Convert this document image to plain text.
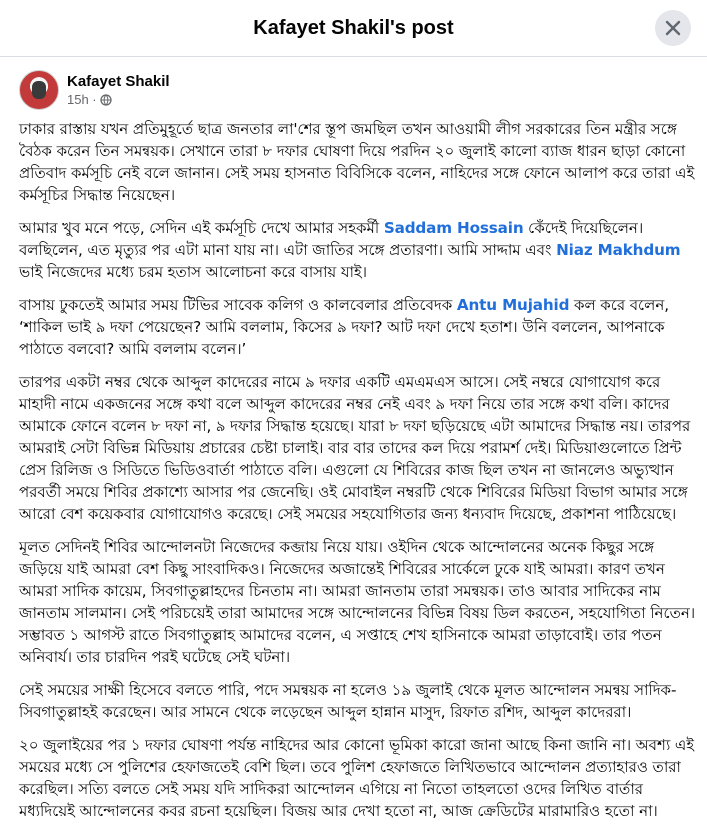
Kafayet Shakil's post
Kafayet Shakil
15h ·

ঢাকার রাস্তায় যখন প্রতিমুহূর্তে ছাত্র জনতার লা'শের স্তূপ জমছিল তখন আওয়ামী লীগ সরকারের তিন মন্ত্রীর সঙ্গে বৈঠক করেন তিন সমন্বয়ক। সেখানে তারা ৮ দফার ঘোষণা দিয়ে পরদিন ২০ জুলাই কালো ব্যাজ ধারন ছাড়া কোনো প্রতিবাদ কর্মসূচি নেই বলে জানান। সেই সময় হাসনাত বিবিসিকে বলেন, নাহিদের সঙ্গে ফোনে আলাপ করে তারা এই কর্মসূচির সিদ্ধান্ত নিয়েছেন।

আমার খুব মনে পড়ে, সেদিন এই কর্মসূচি দেখে আমার সহকর্মী Saddam Hossain কেঁদেই দিয়েছিলেন। বলছিলেন, এত মৃত্যুর পর এটা মানা যায় না। এটা জাতির সঙ্গে প্রতারণা। আমি সাদ্দাম এবং Niaz Makhdum ভাই নিজেদের মধ্যে চরম হতাস আলোচনা করে বাসায় যাই।

বাসায় ঢুকতেই আমার সময় টিভির সাবেক কলিগ ও কালবেলার প্রতিবেদক Antu Mujahid কল করে বলেন, ‘শাকিল ভাই ৯ দফা পেয়েছেন? আমি বললাম, কিসের ৯ দফা? আট দফা দেখে হতাশ। উনি বললেন, আপনাকে পাঠাতে বলবো? আমি বললাম বলেন।’

তারপর একটা নম্বর থেকে আব্দুল কাদেরের নামে ৯ দফার একটি এমএমএস আসে। সেই নম্বরে যোগাযোগ করে মাহাদী নামে একজনের সঙ্গে কথা বলে আব্দুল কাদেরের নম্বর নেই এবং ৯ দফা নিয়ে তার সঙ্গে কথা বলি। কাদের আমাকে ফোনে বলেন ৮ দফা না, ৯ দফার সিদ্ধান্ত হয়েছে। যারা ৮ দফা ছড়িয়েছে এটা আমাদের সিদ্ধান্ত নয়। তারপর আমরাই সেটা বিভিন্ন মিডিয়ায় প্রচারের চেষ্টা চালাই। বার বার তাদের কল দিয়ে পরামর্শ দেই। মিডিয়াগুলোতে প্রিন্ট প্রেস রিলিজ ও সিডিতে ভিডিওবার্তা পাঠাতে বলি। এগুলো যে শিবিরের কাজ ছিল তখন না জানলেও অভ্যুত্থান পরবর্তী সময়ে শিবির প্রকাশ্যে আসার পর জেনেছি। ওই মোবাইল নম্বরটি থেকে শিবিরের মিডিয়া বিভাগ আমার সঙ্গে আরো বেশ কয়েকবার যোগাযোগও করেছে। সেই সময়ের সহযোগিতার জন্য ধন্যবাদ দিয়েছে, প্রকাশনা পাঠিয়েছে।

মূলত সেদিনই শিবির আন্দোলনটা নিজেদের কব্জায় নিয়ে যায়। ওইদিন থেকে আন্দোলনের অনেক কিছুর সঙ্গে জড়িয়ে যাই আমরা বেশ কিছু সাংবাদিকও। নিজেদের অজান্তেই শিবিরের সার্কেলে ঢুকে যাই আমরা। কারণ তখন আমরা সাদিক কায়েম, সিবগাতুল্লাহদের চিনতাম না। আমরা জানতাম তারা সমন্বয়ক। তাও আবার সাদিকের নাম জানতাম সালমান। সেই পরিচয়েই তারা আমাদের সঙ্গে আন্দোলনের বিভিন্ন বিষয় ডিল করতেন, সহযোগিতা নিতেন। সম্ভাবত ১ আগস্ট রাতে সিবগাতুল্লাহ আমাদের বলেন, এ সপ্তাহে শেখ হাসিনাকে আমরা তাড়াবোই। তার পতন অনিবার্য। তার চারদিন পরই ঘটেছে সেই ঘটনা।

সেই সময়ের সাক্ষী হিসেবে বলতে পারি, পদে সমন্বয়ক না হলেও ১৯ জুলাই থেকে মূলত আন্দোলন সমন্বয় সাদিক-সিবগাতুল্লাহই করেছেন। আর সামনে থেকে লড়েছেন আব্দুল হান্নান মাসুদ, রিফাত রশিদ, আব্দুল কাদেররা।

২০ জুলাইয়ের পর ১ দফার ঘোষণা পর্যন্ত নাহিদের আর কোনো ভূমিকা কারো জানা আছে কিনা জানি না। অবশ্য এই সময়ের মধ্যে সে পুলিশের হেফাজতেই বেশি ছিল। তবে পুলিশ হেফাজতে লিখিতভাবে আন্দোলন প্রত্যাহারও তারা করেছিল। সত্যি বলতে সেই সময় যদি সাদিকরা আন্দোলন এগিয়ে না নিতো তাহলতো ওদের লিখিত বার্তার মধ্যদিয়েই আন্দোলনের কবর রচনা হয়েছিল। বিজয় আর দেখা হতো না, আজ ক্রেডিটের মারামারিও হতো না।
